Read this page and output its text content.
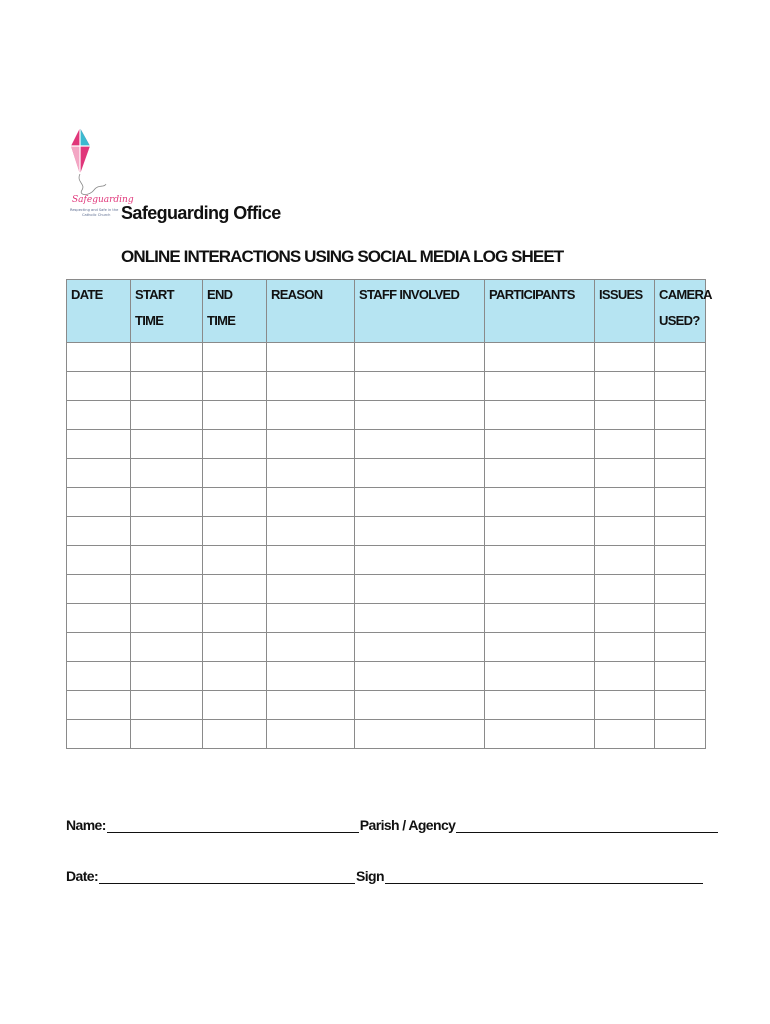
Safeguarding
Respecting and Safe in the
Catholic Church Safeguarding Office
ONLINE INTERACTIONS USING SOCIAL MEDIA LOG SHEET
DATE	START TIME	END TIME	REASON	STAFF INVOLVED	PARTICIPANTS	ISSUES	CAMERA USED?

Name:	Parish / Agency
Date:	Sign
